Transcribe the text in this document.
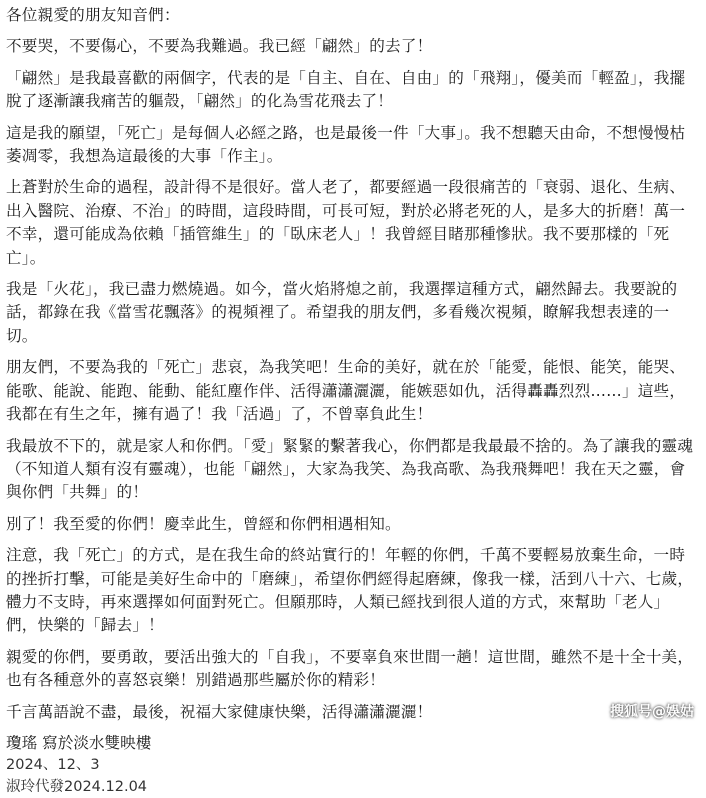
各位親愛的朋友知音們：

不要哭，不要傷心，不要為我難過。我已經「翩然」的去了！

「翩然」是我最喜歡的兩個字，代表的是「自主、自在、自由」的「飛翔」，優美而「輕盈」，我擺脫了逐漸讓我痛苦的軀殼，「翩然」的化為雪花飛去了！

這是我的願望，「死亡」是每個人必經之路，也是最後一件「大事」。我不想聽天由命，不想慢慢枯萎凋零，我想為這最後的大事「作主」。

上蒼對於生命的過程，設計得不是很好。當人老了，都要經過一段很痛苦的「衰弱、退化、生病、出入醫院、治療、不治」的時間，這段時間，可長可短，對於必將老死的人，是多大的折磨！萬一不幸，還可能成為依賴「插管維生」的「臥床老人」！我曾經目睹那種慘狀。我不要那樣的「死亡」。

我是「火花」，我已盡力燃燒過。如今，當火焰將熄之前，我選擇這種方式，翩然歸去。我要說的話，都錄在我《當雪花飄落》的視頻裡了。希望我的朋友們，多看幾次視頻，瞭解我想表達的一切。

朋友們，不要為我的「死亡」悲哀，為我笑吧！生命的美好，就在於「能愛，能恨、能笑，能哭、能歌、能說、能跑、能動、能紅塵作伴、活得瀟瀟灑灑，能嫉惡如仇，活得轟轟烈烈……」這些，我都在有生之年，擁有過了！我「活過」了，不曾辜負此生！

我最放不下的，就是家人和你們。「愛」緊緊的繫著我心，你們都是我最最不捨的。為了讓我的靈魂（不知道人類有沒有靈魂），也能「翩然」，大家為我笑、為我高歌、為我飛舞吧！我在天之靈，會與你們「共舞」的！

別了！我至愛的你們！慶幸此生，曾經和你們相遇相知。

注意，我「死亡」的方式，是在我生命的終站實行的！年輕的你們，千萬不要輕易放棄生命，一時的挫折打擊，可能是美好生命中的「磨練」，希望你們經得起磨練，像我一樣，活到八十六、七歲，體力不支時，再來選擇如何面對死亡。但願那時，人類已經找到很人道的方式，來幫助「老人」們，快樂的「歸去」！

親愛的你們，要勇敢，要活出強大的「自我」，不要辜負來世間一趟！這世間，雖然不是十全十美，也有各種意外的喜怒哀樂！別錯過那些屬於你的精彩！

千言萬語說不盡，最後，祝福大家健康快樂，活得瀟瀟灑灑！

瓊瑤 寫於淡水雙映樓

2024、12、3

淑玲代發2024.12.04

搜狐号@娛姑
